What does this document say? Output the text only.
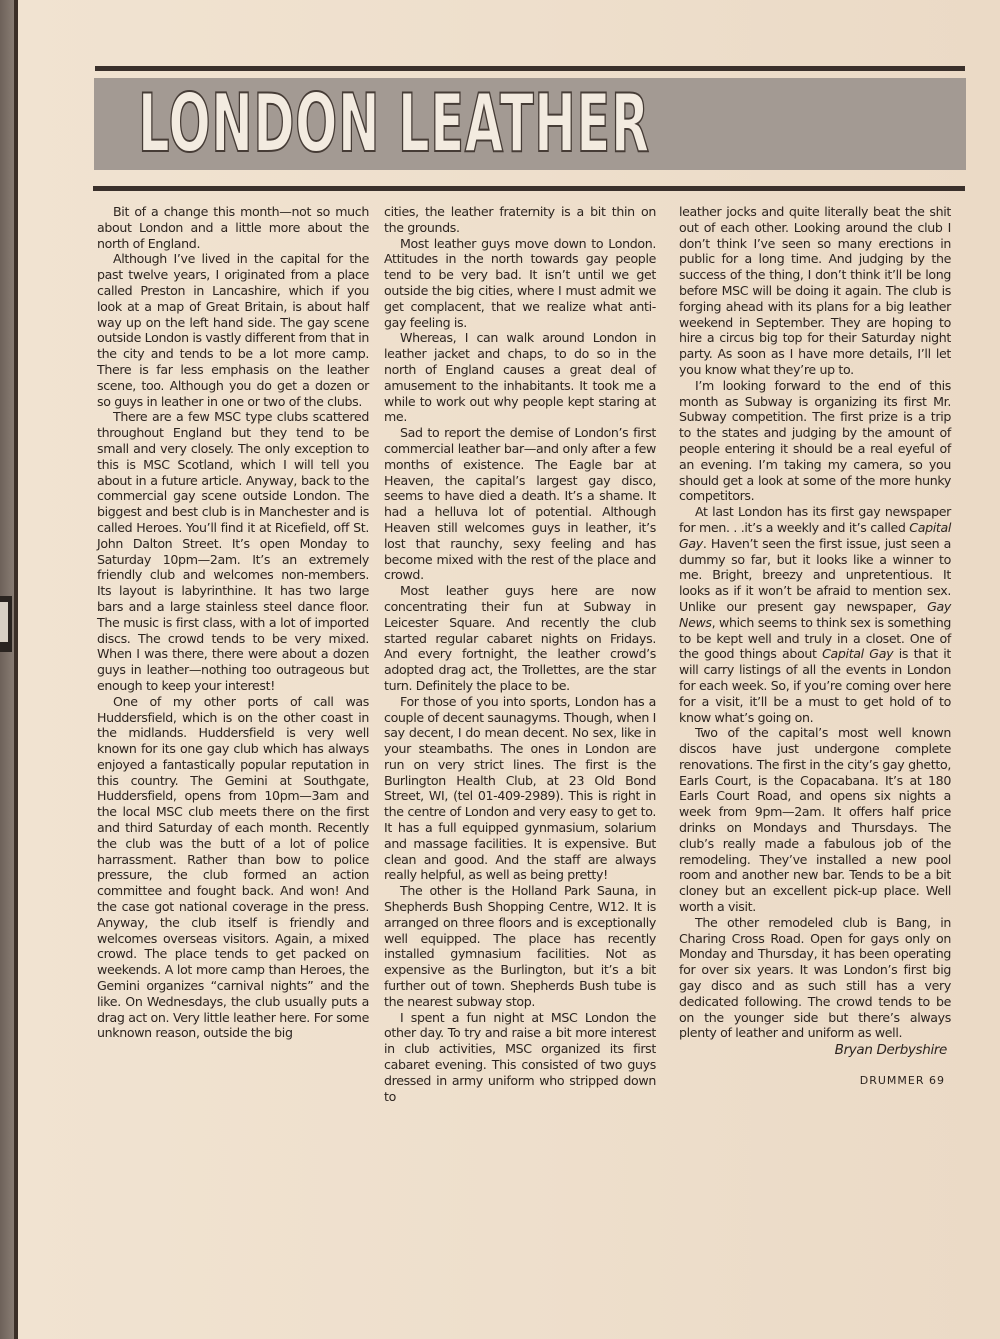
LONDON LEATHER

Bit of a change this month—not so much about London and a little more about the north of England.

Although I’ve lived in the capital for the past twelve years, I originated from a place called Preston in Lancashire, which if you look at a map of Great Britain, is about half way up on the left hand side. The gay scene outside London is vastly different from that in the city and tends to be a lot more camp. There is far less emphasis on the leather scene, too. Although you do get a dozen or so guys in leather in one or two of the clubs.

There are a few MSC type clubs scattered throughout England but they tend to be small and very closely. The only exception to this is MSC Scotland, which I will tell you about in a future article. Anyway, back to the commercial gay scene outside London. The biggest and best club is in Manchester and is called Heroes. You’ll find it at Ricefield, off St. John Dalton Street. It’s open Monday to Saturday 10pm—2am. It’s an extremely friendly club and welcomes non-members. Its layout is labyrinthine. It has two large bars and a large stainless steel dance floor. The music is first class, with a lot of imported discs. The crowd tends to be very mixed. When I was there, there were about a dozen guys in leather—nothing too outrageous but enough to keep your interest!

One of my other ports of call was Huddersfield, which is on the other coast in the midlands. Huddersfield is very well known for its one gay club which has always enjoyed a fantastically popular reputation in this country. The Gemini at Southgate, Huddersfield, opens from 10pm—3am and the local MSC club meets there on the first and third Saturday of each month. Recently the club was the butt of a lot of police harrassment. Rather than bow to police pressure, the club formed an action committee and fought back. And won! And the case got national coverage in the press. Anyway, the club itself is friendly and welcomes overseas visitors. Again, a mixed crowd. The place tends to get packed on weekends. A lot more camp than Heroes, the Gemini organizes “carnival nights” and the like. On Wednesdays, the club usually puts a drag act on. Very little leather here. For some unknown reason, outside the big

cities, the leather fraternity is a bit thin on the grounds.

Most leather guys move down to London. Attitudes in the north towards gay people tend to be very bad. It isn’t until we get outside the big cities, where I must admit we get complacent, that we realize what anti-gay feeling is.

Whereas, I can walk around London in leather jacket and chaps, to do so in the north of England causes a great deal of amusement to the inhabitants. It took me a while to work out why people kept staring at me.

Sad to report the demise of London’s first commercial leather bar—and only after a few months of existence. The Eagle bar at Heaven, the capital’s largest gay disco, seems to have died a death. It’s a shame. It had a helluva lot of potential. Although Heaven still welcomes guys in leather, it’s lost that raunchy, sexy feeling and has become mixed with the rest of the place and crowd.

Most leather guys here are now concentrating their fun at Subway in Leicester Square. And recently the club started regular cabaret nights on Fridays. And every fortnight, the leather crowd’s adopted drag act, the Trollettes, are the star turn. Definitely the place to be.

For those of you into sports, London has a couple of decent saunagyms. Though, when I say decent, I do mean decent. No sex, like in your steambaths. The ones in London are run on very strict lines. The first is the Burlington Health Club, at 23 Old Bond Street, WI, (tel 01-409-2989). This is right in the centre of London and very easy to get to. It has a full equipped gynmasium, solarium and massage facilities. It is expensive. But clean and good. And the staff are always really helpful, as well as being pretty!

The other is the Holland Park Sauna, in Shepherds Bush Shopping Centre, W12. It is arranged on three floors and is exceptionally well equipped. The place has recently installed gymnasium facilities. Not as expensive as the Burlington, but it’s a bit further out of town. Shepherds Bush tube is the nearest subway stop.

I spent a fun night at MSC London the other day. To try and raise a bit more interest in club activities, MSC organized its first cabaret evening. This consisted of two guys dressed in army uniform who stripped down to

leather jocks and quite literally beat the shit out of each other. Looking around the club I don’t think I’ve seen so many erections in public for a long time. And judging by the success of the thing, I don’t think it’ll be long before MSC will be doing it again. The club is forging ahead with its plans for a big leather weekend in September. They are hoping to hire a circus big top for their Saturday night party. As soon as I have more details, I’ll let you know what they’re up to.

I’m looking forward to the end of this month as Subway is organizing its first Mr. Subway competition. The first prize is a trip to the states and judging by the amount of people entering it should be a real eyeful of an evening. I’m taking my camera, so you should get a look at some of the more hunky competitors.

At last London has its first gay newspaper for men. . .it’s a weekly and it’s called Capital Gay. Haven’t seen the first issue, just seen a dummy so far, but it looks like a winner to me. Bright, breezy and unpretentious. It looks as if it won’t be afraid to mention sex. Unlike our present gay newspaper, Gay News, which seems to think sex is something to be kept well and truly in a closet. One of the good things about Capital Gay is that it will carry listings of all the events in London for each week. So, if you’re coming over here for a visit, it’ll be a must to get hold of to know what’s going on.

Two of the capital’s most well known discos have just undergone complete renovations. The first in the city’s gay ghetto, Earls Court, is the Copacabana. It’s at 180 Earls Court Road, and opens six nights a week from 9pm—2am. It offers half price drinks on Mondays and Thursdays. The club’s really made a fabulous job of the remodeling. They’ve installed a new pool room and another new bar. Tends to be a bit cloney but an excellent pick-up place. Well worth a visit.

The other remodeled club is Bang, in Charing Cross Road. Open for gays only on Monday and Thursday, it has been operating for over six years. It was London’s first big gay disco and as such still has a very dedicated following. The crowd tends to be on the younger side but there’s always plenty of leather and uniform as well.

Bryan Derbyshire
DRUMMER 69
